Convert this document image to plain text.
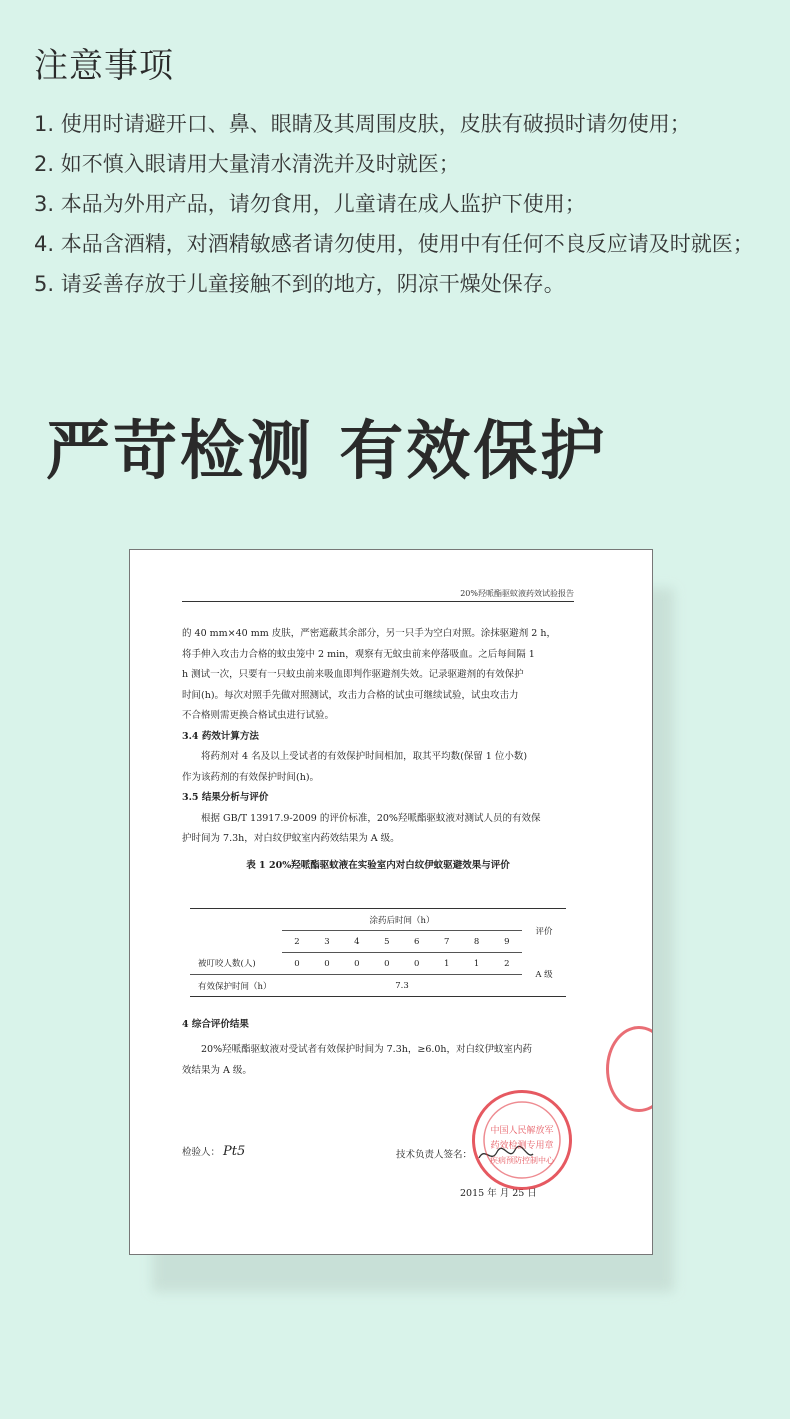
注意事项
1. 使用时请避开口、鼻、眼睛及其周围皮肤，皮肤有破损时请勿使用；
2. 如不慎入眼请用大量清水清洗并及时就医；
3. 本品为外用产品，请勿食用，儿童请在成人监护下使用；
4. 本品含酒精，对酒精敏感者请勿使用，使用中有任何不良反应请及时就医；
5. 请妥善存放于儿童接触不到的地方，阴凉干燥处保存。
严苛检测 有效保护
20%羟哌酯驱蚊液药效试验报告

的 40 mm×40 mm 皮肤，严密遮蔽其余部分，另一只手为空白对照。涂抹驱避剂 2 h，

将手伸入攻击力合格的蚊虫笼中 2 min，观察有无蚊虫前来停落吸血。之后每间隔 1

h 测试一次，只要有一只蚊虫前来吸血即判作驱避剂失效。记录驱避剂的有效保护

时间(h)。每次对照手先做对照测试，攻击力合格的试虫可继续试验，试虫攻击力

不合格则需更换合格试虫进行试验。

3.4 药效计算方法

将药剂对 4 名及以上受试者的有效保护时间相加，取其平均数(保留 1 位小数)

作为该药剂的有效保护时间(h)。

3.5 结果分析与评价

根据 GB/T 13917.9-2009 的评价标准，20%羟哌酯驱蚊液对测试人员的有效保

护时间为 7.3h，对白纹伊蚊室内药效结果为 A 级。

表 1 20%羟哌酯驱蚊液在实验室内对白纹伊蚊驱避效果与评价

	涂药后时间（h）								评价
	2	3	4	5	6	7	8	9	
被叮咬人数(人)	0	0	0	0	0	1	1	2	A 级
有效保护时间（h）	7.3								

4 综合评价结果

20%羟哌酯驱蚊液对受试者有效保护时间为 7.3h，≥6.0h，对白纹伊蚊室内药

效结果为 A 级。

检验人： Pt5	技术负责人签名：
2015 年 月 25 日
中国人民解放军
药效检测专用章
疾病预防控制中心
